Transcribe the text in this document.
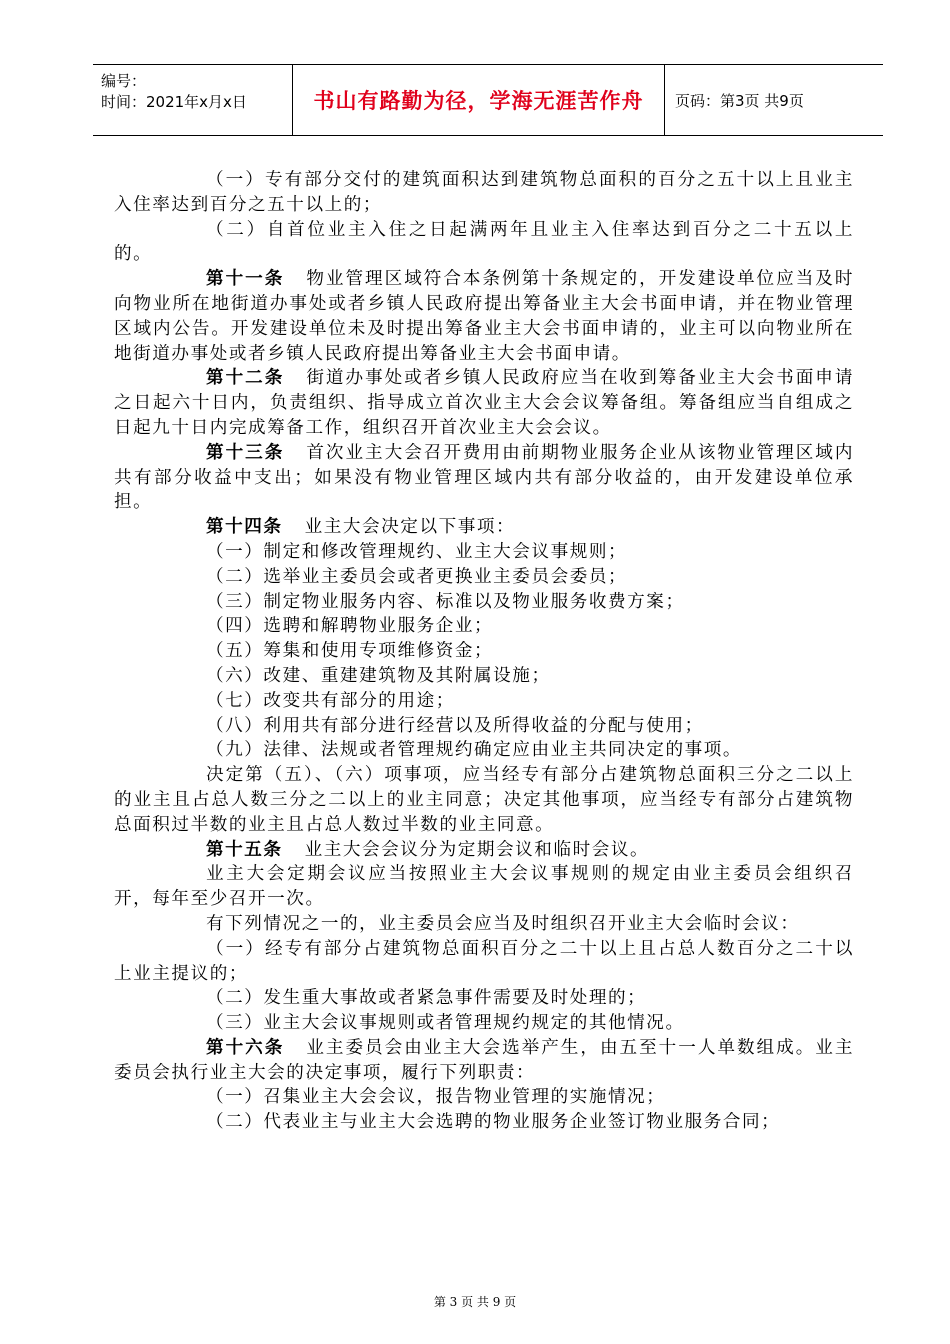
编号：
时间：2021年x月x日	书山有路勤为径，学海无涯苦作舟	页码：第3页 共9页

（一）专有部分交付的建筑面积达到建筑物总面积的百分之五十以上且业主入住率达到百分之五十以上的；

（二）自首位业主入住之日起满两年且业主入住率达到百分之二十五以上的。

第十一条 物业管理区域符合本条例第十条规定的，开发建设单位应当及时向物业所在地街道办事处或者乡镇人民政府提出筹备业主大会书面申请，并在物业管理区域内公告。开发建设单位未及时提出筹备业主大会书面申请的，业主可以向物业所在地街道办事处或者乡镇人民政府提出筹备业主大会书面申请。

第十二条 街道办事处或者乡镇人民政府应当在收到筹备业主大会书面申请之日起六十日内，负责组织、指导成立首次业主大会会议筹备组。筹备组应当自组成之日起九十日内完成筹备工作，组织召开首次业主大会会议。

第十三条 首次业主大会召开费用由前期物业服务企业从该物业管理区域内共有部分收益中支出；如果没有物业管理区域内共有部分收益的，由开发建设单位承担。

第十四条 业主大会决定以下事项：

（一）制定和修改管理规约、业主大会议事规则；

（二）选举业主委员会或者更换业主委员会委员；

（三）制定物业服务内容、标准以及物业服务收费方案；

（四）选聘和解聘物业服务企业；

（五）筹集和使用专项维修资金；

（六）改建、重建建筑物及其附属设施；

（七）改变共有部分的用途；

（八）利用共有部分进行经营以及所得收益的分配与使用；

（九）法律、法规或者管理规约确定应由业主共同决定的事项。

决定第（五）、（六）项事项，应当经专有部分占建筑物总面积三分之二以上的业主且占总人数三分之二以上的业主同意；决定其他事项，应当经专有部分占建筑物总面积过半数的业主且占总人数过半数的业主同意。

第十五条 业主大会会议分为定期会议和临时会议。

业主大会定期会议应当按照业主大会议事规则的规定由业主委员会组织召开，每年至少召开一次。

有下列情况之一的，业主委员会应当及时组织召开业主大会临时会议：

（一）经专有部分占建筑物总面积百分之二十以上且占总人数百分之二十以上业主提议的；

（二）发生重大事故或者紧急事件需要及时处理的；

（三）业主大会议事规则或者管理规约规定的其他情况。

第十六条 业主委员会由业主大会选举产生，由五至十一人单数组成。业主委员会执行业主大会的决定事项，履行下列职责：

（一）召集业主大会会议，报告物业管理的实施情况；

（二）代表业主与业主大会选聘的物业服务企业签订物业服务合同；

第 3 页 共 9 页
